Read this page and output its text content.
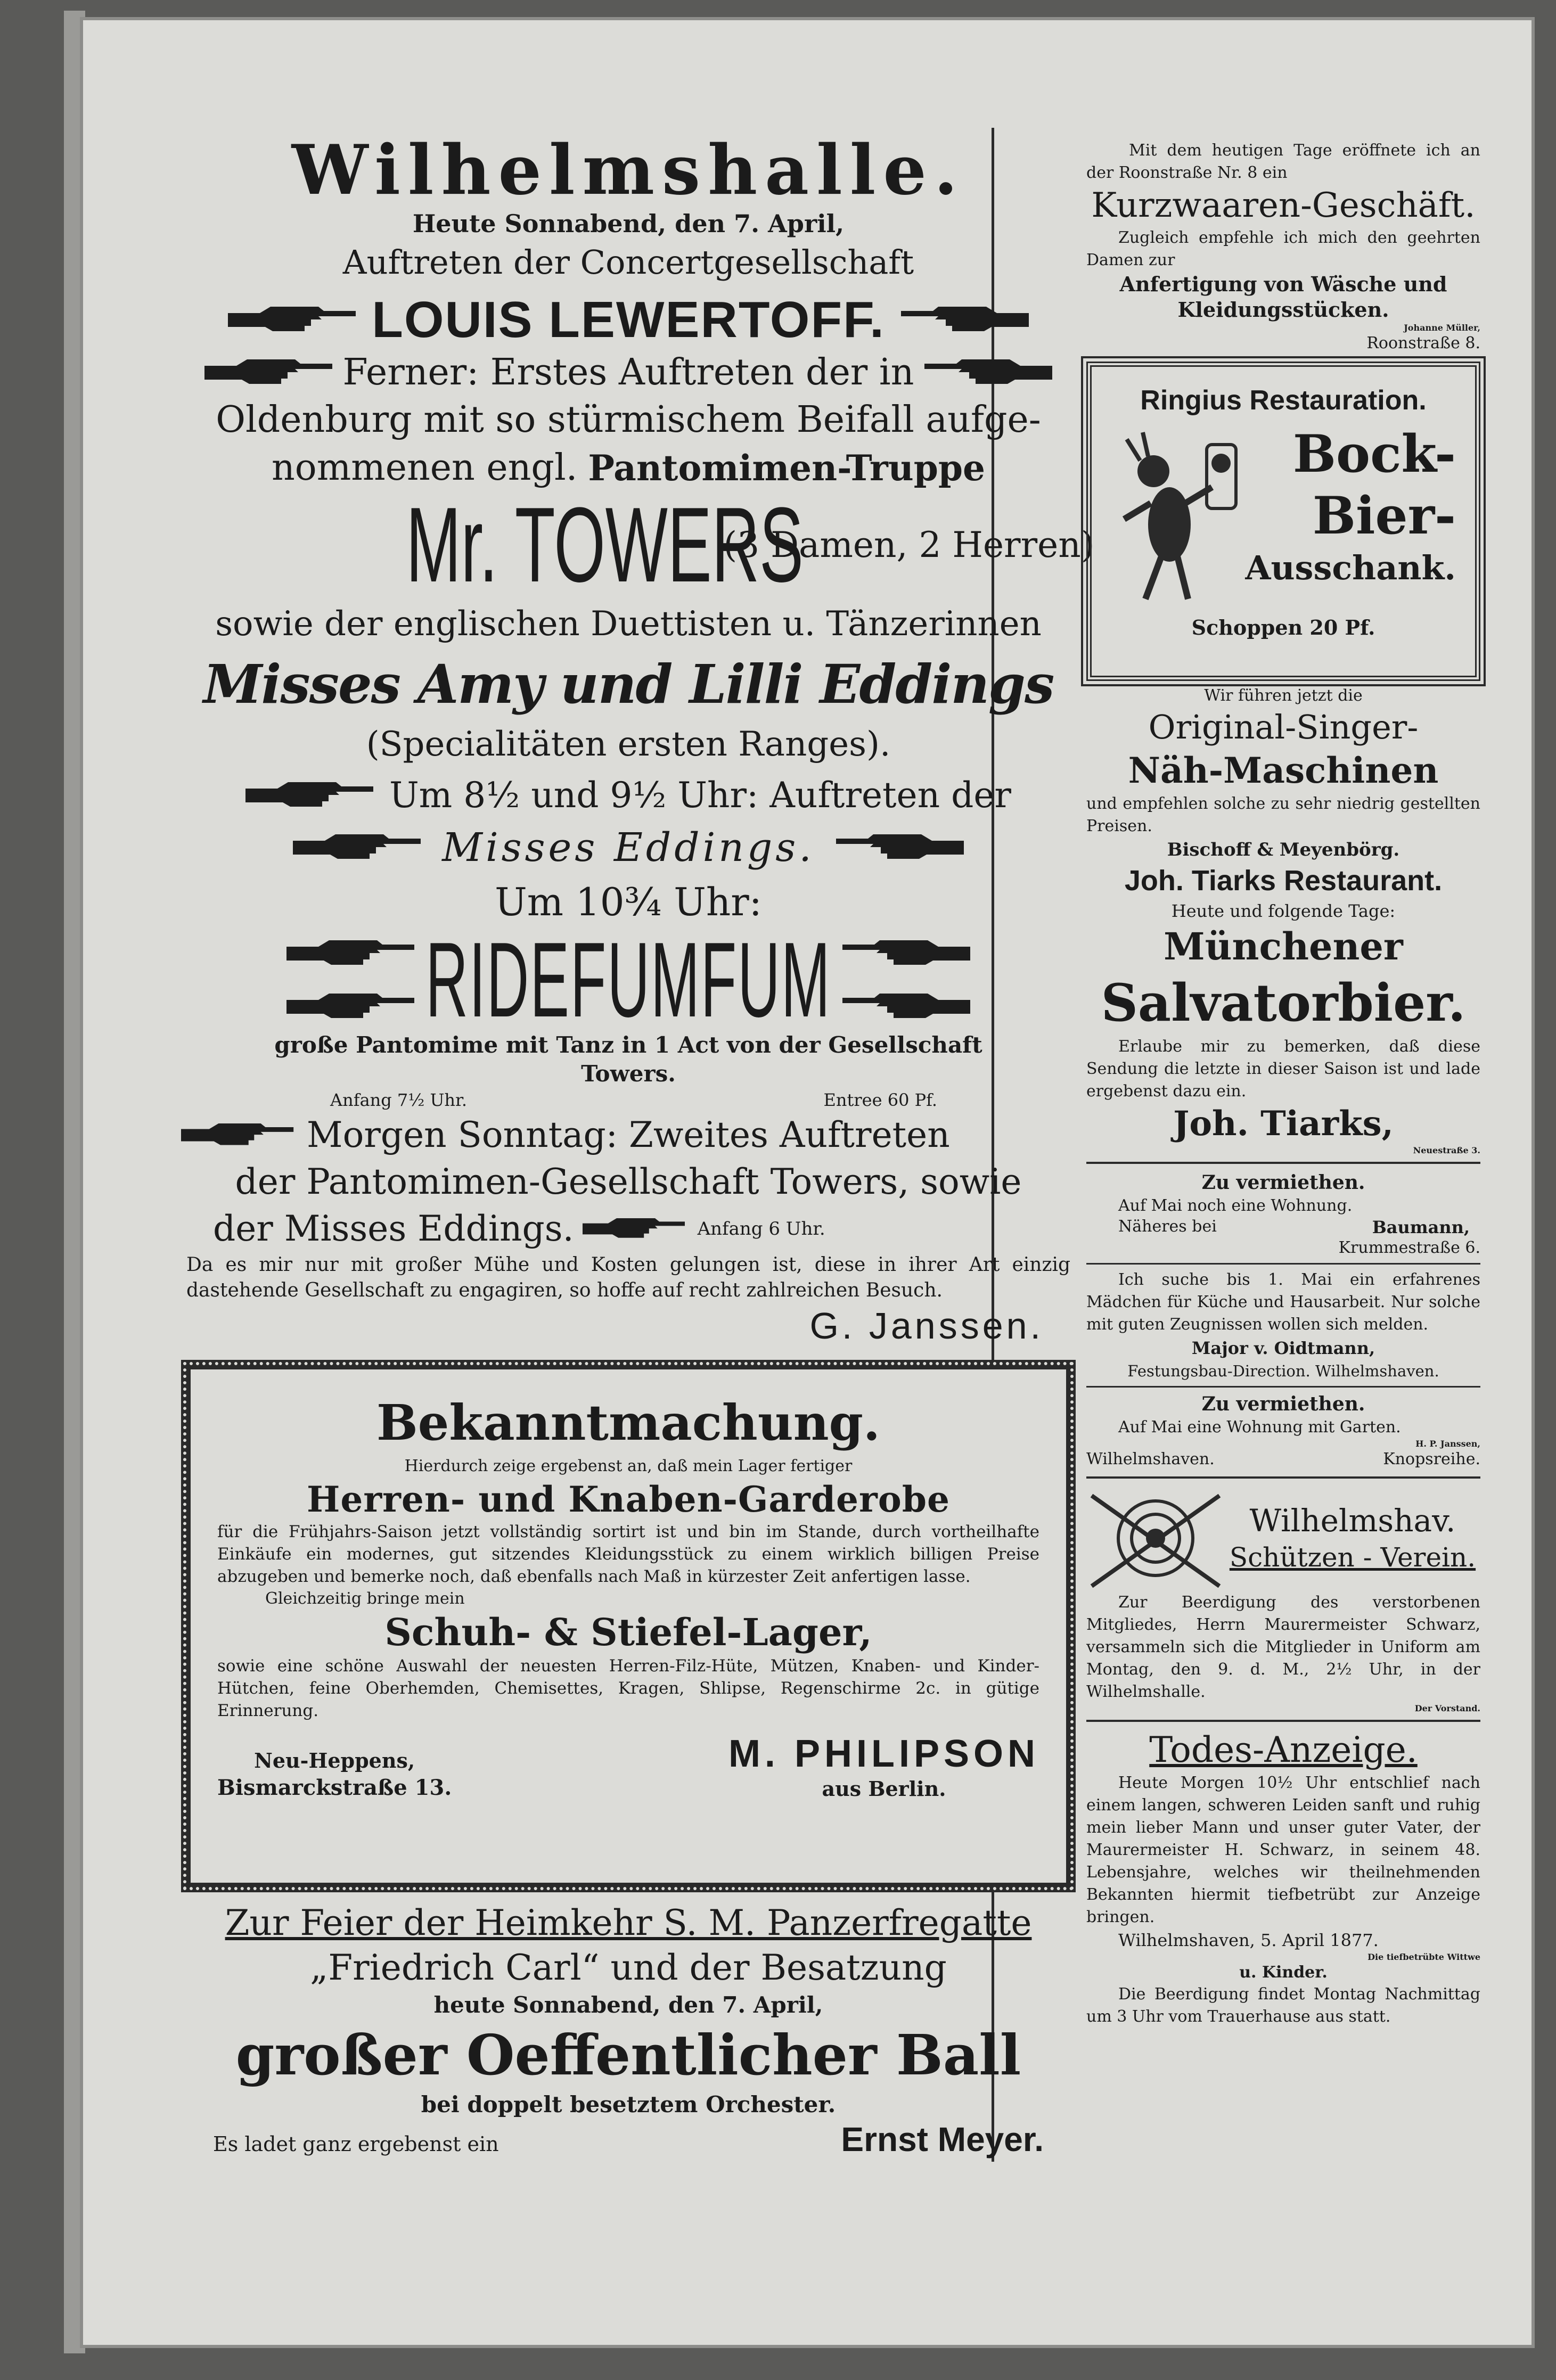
Wilhelmshalle.
Heute Sonnabend, den 7. April,
Auftreten der Concertgesellschaft
LOUIS LEWERTOFF.
Ferner: Erstes Auftreten der in
Oldenburg mit so stürmischem Beifall aufge-
nommenen engl. Pantomimen-Truppe
Mr. TOWERS
(3 Damen, 2 Herren)
sowie der englischen Duettisten u. Tänzerinnen
Misses Amy und Lilli Eddings
(Specialitäten ersten Ranges).
Um 8½ und 9½ Uhr: Auftreten der
Misses Eddings.
Um 10¾ Uhr:
RIDEFUMFUM
große Pantomime mit Tanz in 1 Act von der Gesellschaft
Towers.
Anfang 7½ Uhr.	Entree 60 Pf.
Morgen Sonntag: Zweites Auftreten
der Pantomimen-Gesellschaft Towers, sowie
der Misses Eddings.	Anfang 6 Uhr.
Da es mir nur mit großer Mühe und Kosten gelungen ist, diese in ihrer Art einzig dastehende Gesellschaft zu engagiren, so hoffe auf recht zahlreichen Besuch.
G. Janssen.
Bekanntmachung.
Hierdurch zeige ergebenst an, daß mein Lager fertiger
Herren- und Knaben-Garderobe
für die Frühjahrs-Saison jetzt vollständig sortirt ist und bin im Stande, durch vortheilhafte Einkäufe ein modernes, gut sitzendes Kleidungsstück zu einem wirklich billigen Preise abzugeben und bemerke noch, daß ebenfalls nach Maß in kürzester Zeit anfertigen lasse.
Gleichzeitig bringe mein
Schuh- & Stiefel-Lager,
sowie eine schöne Auswahl der neuesten Herren-Filz-Hüte, Mützen, Knaben- und Kinder-Hütchen, feine Oberhemden, Chemisettes, Kragen, Shlipse, Regenschirme 2c. in gütige Erinnerung.
Neu-Heppens,
Bismarckstraße 13.
M. PHILIPSON
aus Berlin.
Zur Feier der Heimkehr S. M. Panzerfregatte
„Friedrich Carl“ und der Besatzung
heute Sonnabend, den 7. April,
großer Oeffentlicher Ball
bei doppelt besetztem Orchester.
Es ladet ganz ergebenst ein	Ernst Meyer.
Mit dem heutigen Tage eröffnete ich an der Roonstraße Nr. 8 ein
Kurzwaaren-Geschäft.
Zugleich empfehle ich mich den geehrten Damen zur
Anfertigung von Wäsche und Kleidungsstücken.
Johanne Müller,
Roonstraße 8.
Ringius Restauration.
Bock-
Bier-
Ausschank.
Schoppen 20 Pf.
Wir führen jetzt die
Original-Singer-
Näh-Maschinen
und empfehlen solche zu sehr niedrig gestellten Preisen.
Bischoff & Meyenbörg.
Joh. Tiarks Restaurant.
Heute und folgende Tage:
Münchener
Salvatorbier.
Erlaube mir zu bemerken, daß diese Sendung die letzte in dieser Saison ist und lade ergebenst dazu ein.
Joh. Tiarks,
Neuestraße 3.
Zu vermiethen.
Auf Mai noch eine Wohnung.
Näheres bei	Baumann,
Krummestraße 6.
Ich suche bis 1. Mai ein erfahrenes Mädchen für Küche und Hausarbeit. Nur solche mit guten Zeugnissen wollen sich melden.
Major v. Oidtmann,
Festungsbau-Direction. Wilhelmshaven.
Zu vermiethen.
Auf Mai eine Wohnung mit Garten.
H. P. Janssen,
Wilhelmshaven.	Knopsreihe.
Wilhelmshav.
Schützen - Verein.
Zur Beerdigung des verstorbenen Mitgliedes, Herrn Maurermeister Schwarz, versammeln sich die Mitglieder in Uniform am Montag, den 9. d. M., 2½ Uhr, in der Wilhelmshalle.
Der Vorstand.
Todes-Anzeige.
Heute Morgen 10½ Uhr entschlief nach einem langen, schweren Leiden sanft und ruhig mein lieber Mann und unser guter Vater, der Maurermeister H. Schwarz, in seinem 48. Lebensjahre, welches wir theilnehmenden Bekannten hiermit tiefbetrübt zur Anzeige bringen.
Wilhelmshaven, 5. April 1877.
Die tiefbetrübte Wittwe
u. Kinder.
Die Beerdigung findet Montag Nachmittag um 3 Uhr vom Trauerhause aus statt.
